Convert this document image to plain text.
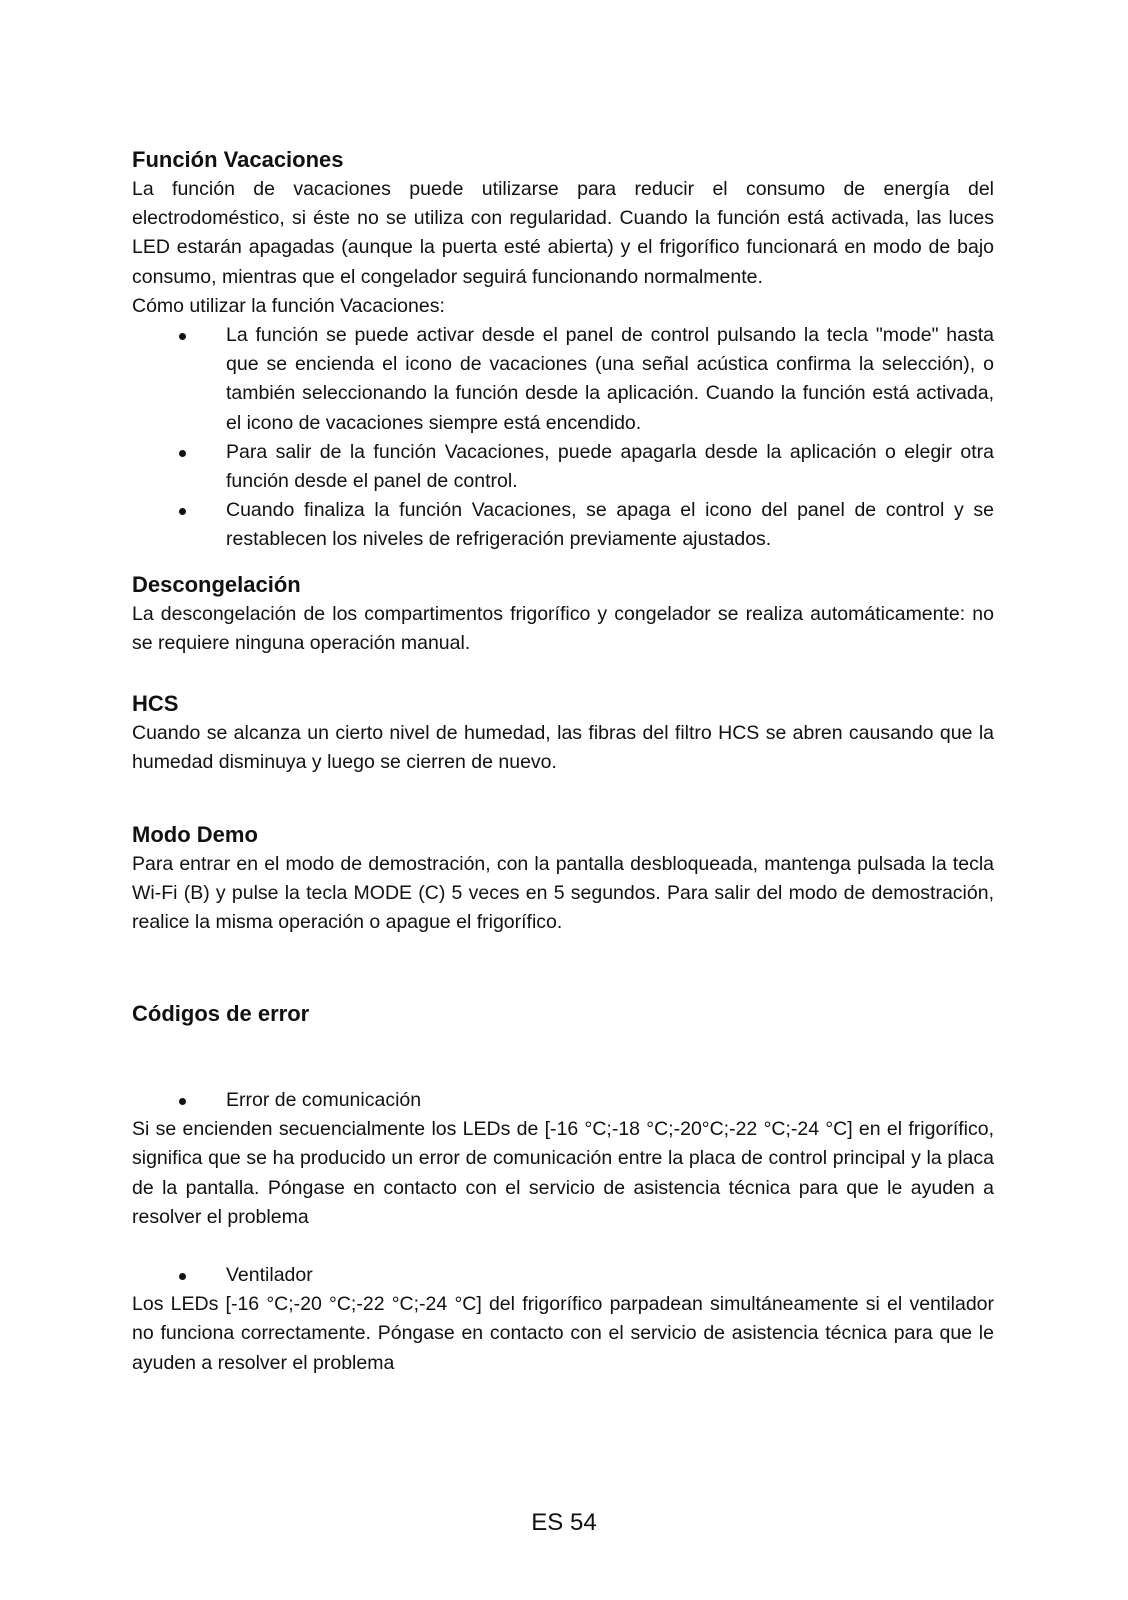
Función Vacaciones

La función de vacaciones puede utilizarse para reducir el consumo de energía del electrodoméstico, si éste no se utiliza con regularidad. Cuando la función está activada, las luces LED estarán apagadas (aunque la puerta esté abierta) y el frigorífico funcionará en modo de bajo consumo, mientras que el congelador seguirá funcionando normalmente.

Cómo utilizar la función Vacaciones:

La función se puede activar desde el panel de control pulsando la tecla "mode" hasta que se encienda el icono de vacaciones (una señal acústica confirma la selección), o también seleccionando la función desde la aplicación. Cuando la función está activada, el icono de vacaciones siempre está encendido.
Para salir de la función Vacaciones, puede apagarla desde la aplicación o elegir otra función desde el panel de control.
Cuando finaliza la función Vacaciones, se apaga el icono del panel de control y se restablecen los niveles de refrigeración previamente ajustados.
Descongelación

La descongelación de los compartimentos frigorífico y congelador se realiza automáticamente: no se requiere ninguna operación manual.

HCS

Cuando se alcanza un cierto nivel de humedad, las fibras del filtro HCS se abren causando que la humedad disminuya y luego se cierren de nuevo.

Modo Demo

Para entrar en el modo de demostración, con la pantalla desbloqueada, mantenga pulsada la tecla Wi-Fi (B) y pulse la tecla MODE (C) 5 veces en 5 segundos. Para salir del modo de demostración, realice la misma operación o apague el frigorífico.

Códigos de error
Error de comunicación

Si se encienden secuencialmente los LEDs de [-16 °C;-18 °C;-20°C;-22 °C;-24 °C] en el frigorífico, significa que se ha producido un error de comunicación entre la placa de control principal y la placa de la pantalla. Póngase en contacto con el servicio de asistencia técnica para que le ayuden a resolver el problema

Ventilador

Los LEDs [-16 °C;-20 °C;-22 °C;-24 °C] del frigorífico parpadean simultáneamente si el ventilador no funciona correctamente. Póngase en contacto con el servicio de asistencia técnica para que le ayuden a resolver el problema

ES 54
